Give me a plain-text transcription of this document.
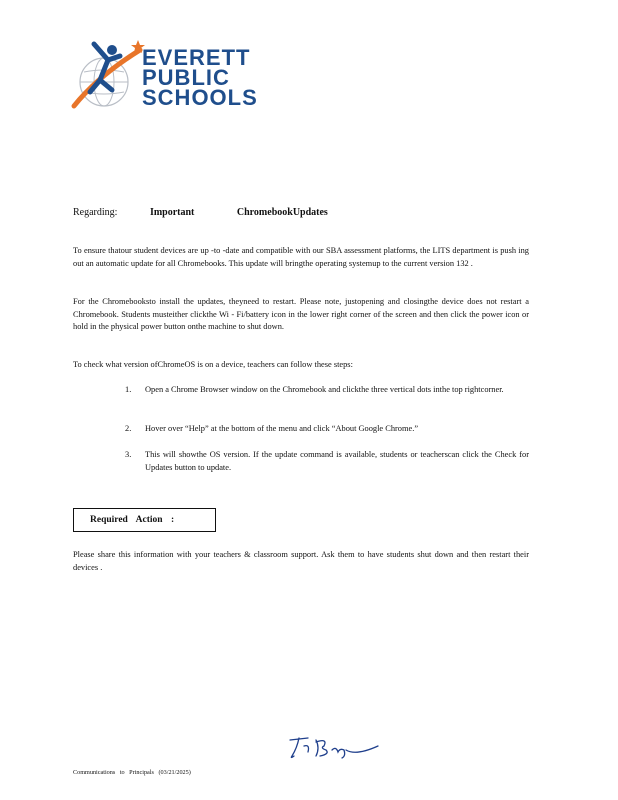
EVERETT
PUBLIC
SCHOOLS
Regarding:	Important	ChromebookUpdates
To ensure thatour student devices are up -to -date and compatible with our SBA assessment platforms, the LITS department is push ing out an automatic update for all Chromebooks. This update will bringthe operating systemup to the current version 132 .
For the Chromebooksto install the updates, theyneed to restart. Please note, justopening and closingthe device does not restart a Chromebook. Students musteither clickthe Wi - Fi/battery icon in the lower right corner of the screen and then click the power icon or hold in the physical power button onthe machine to shut down.
To check what version ofChromeOS is on a device, teachers can follow these steps:
1. Open a Chrome Browser window on the Chromebook and clickthe three vertical dots inthe top rightcorner.
2. Hover over “Help” at the bottom of the menu and click “About Google Chrome.”
3. This will showthe OS version. If the update command is available, students or teacherscan click the Check for Updates button to update.
Required Action :
Please share this information with your teachers & classroom support. Ask them to have students shut down and then restart their devices .
Communications to Principals (03/21/2025)
